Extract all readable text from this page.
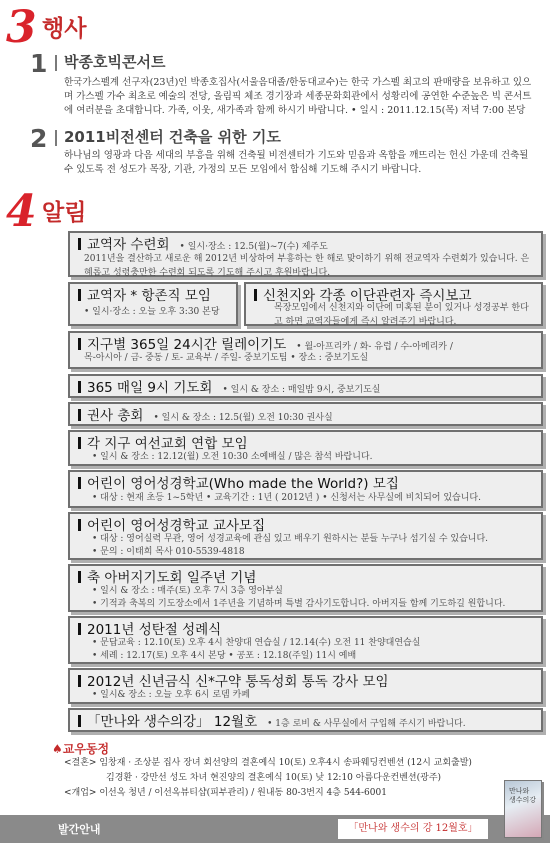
3 행사
1 박종호빅콘서트
한국가스펠계 선구자(23년)인 박종호집사(서울음대졸/한동대교수)는 한국 가스펠 최고의 판매량을 보유하고 있으며 가스펠 가수 최초로 예술의 전당, 올림픽 체조 경기장과 세종문화회관에서 성황리에 공연한 수준높은 빅 콘서트에 여러분을 초대합니다. 가족, 이웃, 새가족과 함께 하시기 바랍니다. • 일시 : 2011.12.15(목) 저녁 7:00 본당
2 2011비전센터 건축을 위한 기도
하나님의 영광과 다음 세대의 부흥을 위해 건축될 비전센터가 기도와 믿음과 옥합을 깨뜨리는 헌신 가운데 건축될 수 있도록 전 성도가 목장, 기관, 가정의 모든 모임에서 합심해 기도해 주시기 바랍니다.
4 알림
교역자 수련회 • 일시·장소 : 12.5(월)~7(수) 제주도
2011년을 결산하고 새로운 해 2012년 비상하여 부흥하는 한 해로 맞이하기 위해 전교역자 수련회가 있습니다. 은혜롭고 성령충만한 수련회 되도록 기도해 주시고 후원바랍니다.
교역자 * 항존직 모임
• 일시·장소 : 오늘 오후 3:30 본당
신천지와 각종 이단관련자 즉시보고
목장모임에서 신천지와 이단에 미혹된 분이 있거나 성경공부 한다고 하면 교역자들에게 즉시 알려주기 바랍니다.
지구별 365일 24시간 릴레이기도 • 월-아프리카 / 화- 유럽 / 수-아메리카 /
목-아시아 / 금- 중동 / 토- 교육부 / 주일- 중보기도팀 • 장소 : 중보기도실
365 매일 9시 기도회 • 일시 & 장소 : 매일밤 9시, 중보기도실
권사 총회 • 일시 & 장소 : 12.5(월) 오전 10:30 권사실
각 지구 여선교회 연합 모임
• 일시 & 장소 : 12.12(월) 오전 10:30 소예배실 / 많은 참석 바랍니다.
어린이 영어성경학교(Who made the World?) 모집
• 대상 : 현재 초등 1~5학년 • 교육기간 : 1년 ( 2012년 ) • 신청서는 사무실에 비치되어 있습니다.
어린이 영어성경학교 교사모집
• 대상 : 영어실력 무관, 영어 성경교육에 관심 있고 배우기 원하시는 분들 누구나 섬기실 수 있습니다.
• 문의 : 이태희 목사 010-5539-4818
축 아버지기도회 일주년 기념
• 일시 & 장소 : 매주(토) 오후 7시 3층 영아부실
• 기적과 축복의 기도장소에서 1주년을 기념하며 특별 감사기도합니다. 아버지들 함께 기도하길 원합니다.
2011년 성탄절 성례식
• 문답교육 : 12.10(토) 오후 4시 찬양대 연습실 / 12.14(수) 오전 11 찬양대연습실
• 세례 : 12.17(토) 오후 4시 본당 • 공포 : 12.18(주일) 11시 예배
2012년 신년금식 신*구약 통독성회 통독 강사 모임
• 일시& 장소 : 오늘 오후 6시 로뎀 카페
「만나와 생수의강」 12월호 • 1층 로비 & 사무실에서 구입해 주시기 바랍니다.
♠교우동정
<결혼> 임창재 · 조상분 집사 장녀 회선양의 결혼예식 10(토) 오후4시 송파웨딩컨벤션 (12시 교회출발)
김경환 · 강만선 성도 차녀 현진양의 결혼예식 10(토) 낮 12:10 아름다운컨벤션(광주)
<개업> 이선옥 청년 / 이선옥뷰티샵(피부관리) / 원내동 80-3번지 4층 544-6001
발간안내	「만나와 생수의 강 12월호」
만나와 생수의강
